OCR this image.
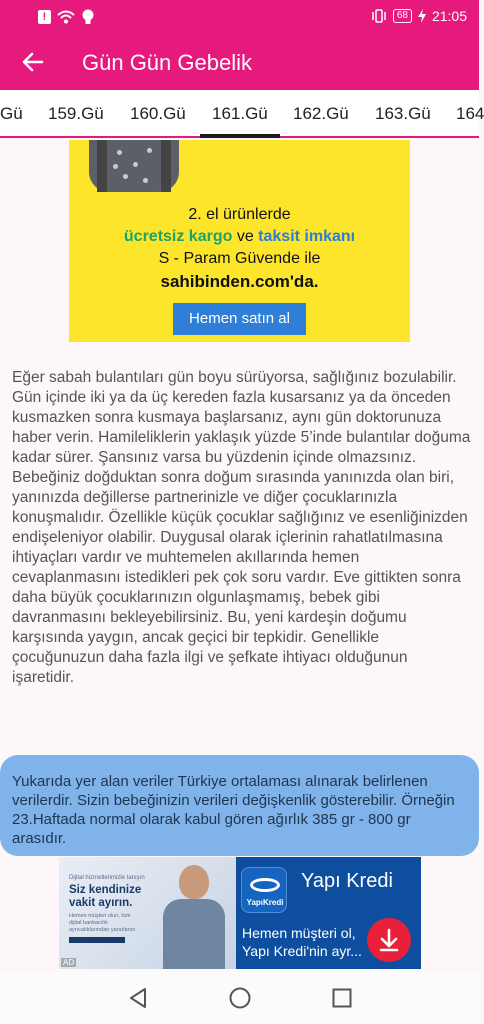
!	68 21:05
Gün Gün Gebelik
Gü 159.Gü 160.Gü 161.Gü 162.Gü 163.Gü 164
2. el ürünlerde
ücretsiz kargo ve taksit imkanı
S - Param Güvende ile
sahibinden.com'da.
Hemen satın al

Eğer sabah bulantıları gün boyu sürüyorsa, sağlığınız bozulabilir. Gün içinde iki ya da üç kereden fazla kusarsanız ya da önceden kusmazken sonra kusmaya başlarsanız, aynı gün doktorunuza haber verin. Hamileliklerin yaklaşık yüzde 5’inde bulantılar doğuma kadar sürer. Şansınız varsa bu yüzdenin içinde olmazsınız.

Bebeğiniz doğduktan sonra doğum sırasında yanınızda olan biri, yanınızda değillerse partnerinizle ve diğer çocuklarınızla konuşmalıdır. Özellikle küçük çocuklar sağlığınız ve esenliğinizden endişeleniyor olabilir. Duygusal olarak içlerinin rahatlatılmasına ihtiyaçları vardır ve muhtemelen akıllarında hemen cevaplanmasını istedikleri pek çok soru vardır. Eve gittikten sonra daha büyük çocuklarınızın olgunlaşmamış, bebek gibi davranmasını bekleyebilirsiniz. Bu, yeni kardeşin doğumu karşısında yaygın, ancak geçici bir tepkidir. Genellikle çocuğunuzun daha fazla ilgi ve şefkate ihtiyacı olduğunun işaretidir.

Yukarıda yer alan veriler Türkiye ortalaması alınarak belirlenen verilerdir. Sizin bebeğinizin verileri değişkenlik gösterebilir. Örneğin 23.Haftada normal olarak kabul gören ağırlık 385 gr - 800 gr arasıdır.
Dijital hizmetlerimizle tanışın
Siz kendinize vakit ayırın.
Hemen müşteri olun, tüm dijital bankacılık ayrıcalıklarından yararlanın.
AD
YapıKredi
Yapı Kredi
Hemen müşteri ol, Yapı Kredi'nin ayr...
